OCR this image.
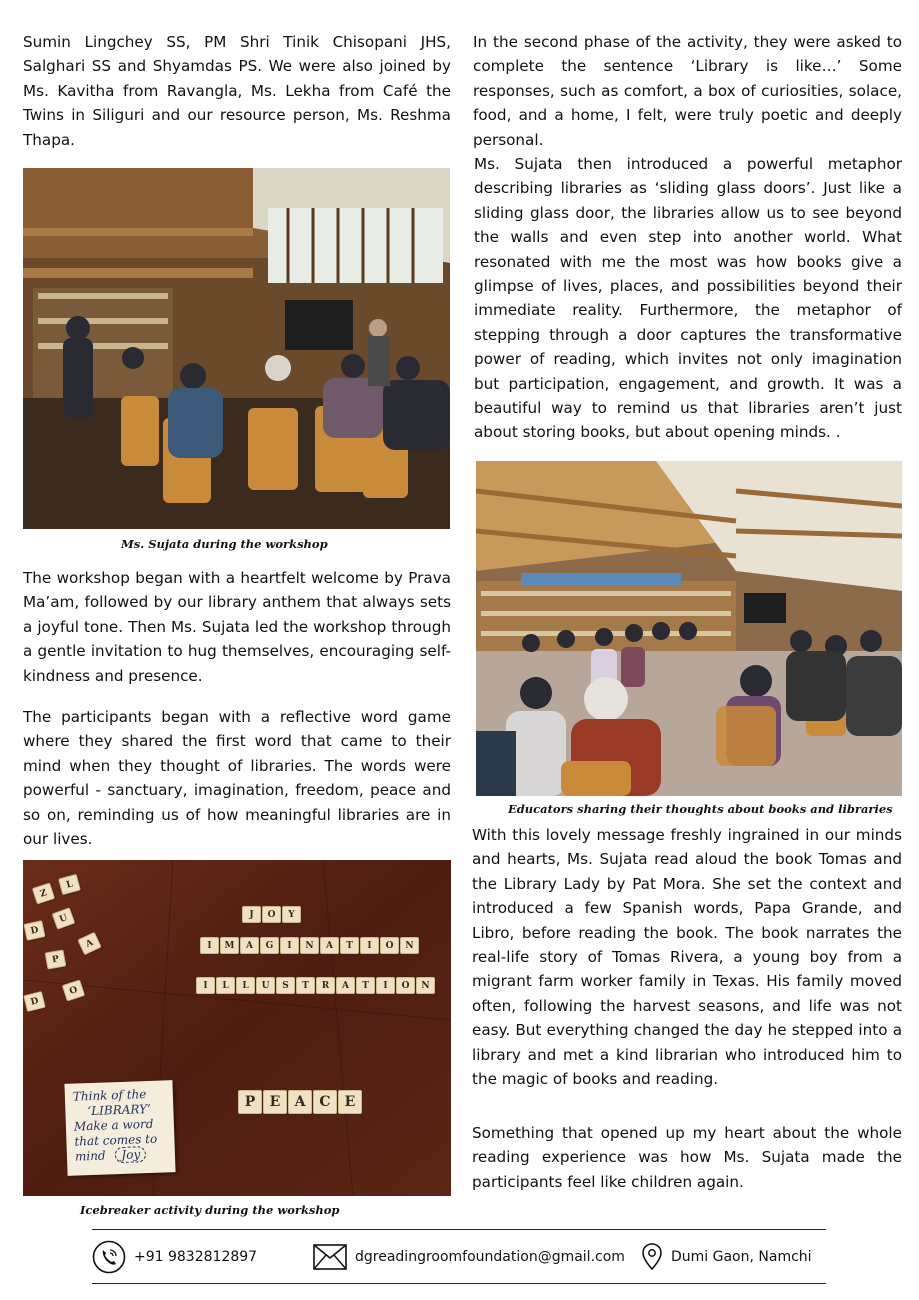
Sumin Lingchey SS, PM Shri Tinik Chisopani JHS, Salghari SS and Shyamdas PS. We were also joined by Ms. Kavitha from Ravangla, Ms. Lekha from Café the Twins in Siliguri and our resource person, Ms. Reshma Thapa.

Ms. Sujata during the workshop

The workshop began with a heartfelt welcome by Prava Ma’am, followed by our library anthem that always sets a joyful tone. Then Ms. Sujata led the workshop through a gentle invitation to hug themselves, encouraging self-kindness and presence.

The participants began with a reflective word game where they shared the first word that came to their mind when they thought of libraries. The words were powerful - sanctuary, imagination, freedom, peace and so on, reminding us of how meaningful libraries are in our lives.

Z
L
U
D
A
P
O
D
J	O	Y
I	M	A	G	I	N	A	T	I	O	N
I	L	L	U	S	T	R	A	T	I	O	N
P	E	A C	E
Think of the
‘LIBRARY’
Make a word
that comes to
mind Joy
Icebreaker activity during the workshop

In the second phase of the activity, they were asked to complete the sentence ‘Library is like…’ Some responses, such as comfort, a box of curiosities, solace, food, and a home, I felt, were truly poetic and deeply personal.

Ms. Sujata then introduced a powerful metaphor describing libraries as ‘sliding glass doors’. Just like a sliding glass door, the libraries allow us to see beyond the walls and even step into another world. What resonated with me the most was how books give a glimpse of lives, places, and possibilities beyond their immediate reality. Furthermore, the metaphor of stepping through a door captures the transformative power of reading, which invites not only imagination but participation, engagement, and growth. It was a beautiful way to remind us that libraries aren’t just about storing books, but about opening minds. .

Educators sharing their thoughts about books and libraries

With this lovely message freshly ingrained in our minds and hearts, Ms. Sujata read aloud the book Tomas and the Library Lady by Pat Mora. She set the context and introduced a few Spanish words, Papa Grande, and Libro, before reading the book. The book narrates the real-life story of Tomas Rivera, a young boy from a migrant farm worker family in Texas. His family moved often, following the harvest seasons, and life was not easy. But everything changed the day he stepped into a library and met a kind librarian who introduced him to the magic of books and reading.

Something that opened up my heart about the whole reading experience was how Ms. Sujata made the participants feel like children again.

+91 9832812897	dgreadingroomfoundation@gmail.com	Dumi Gaon, Namchi
